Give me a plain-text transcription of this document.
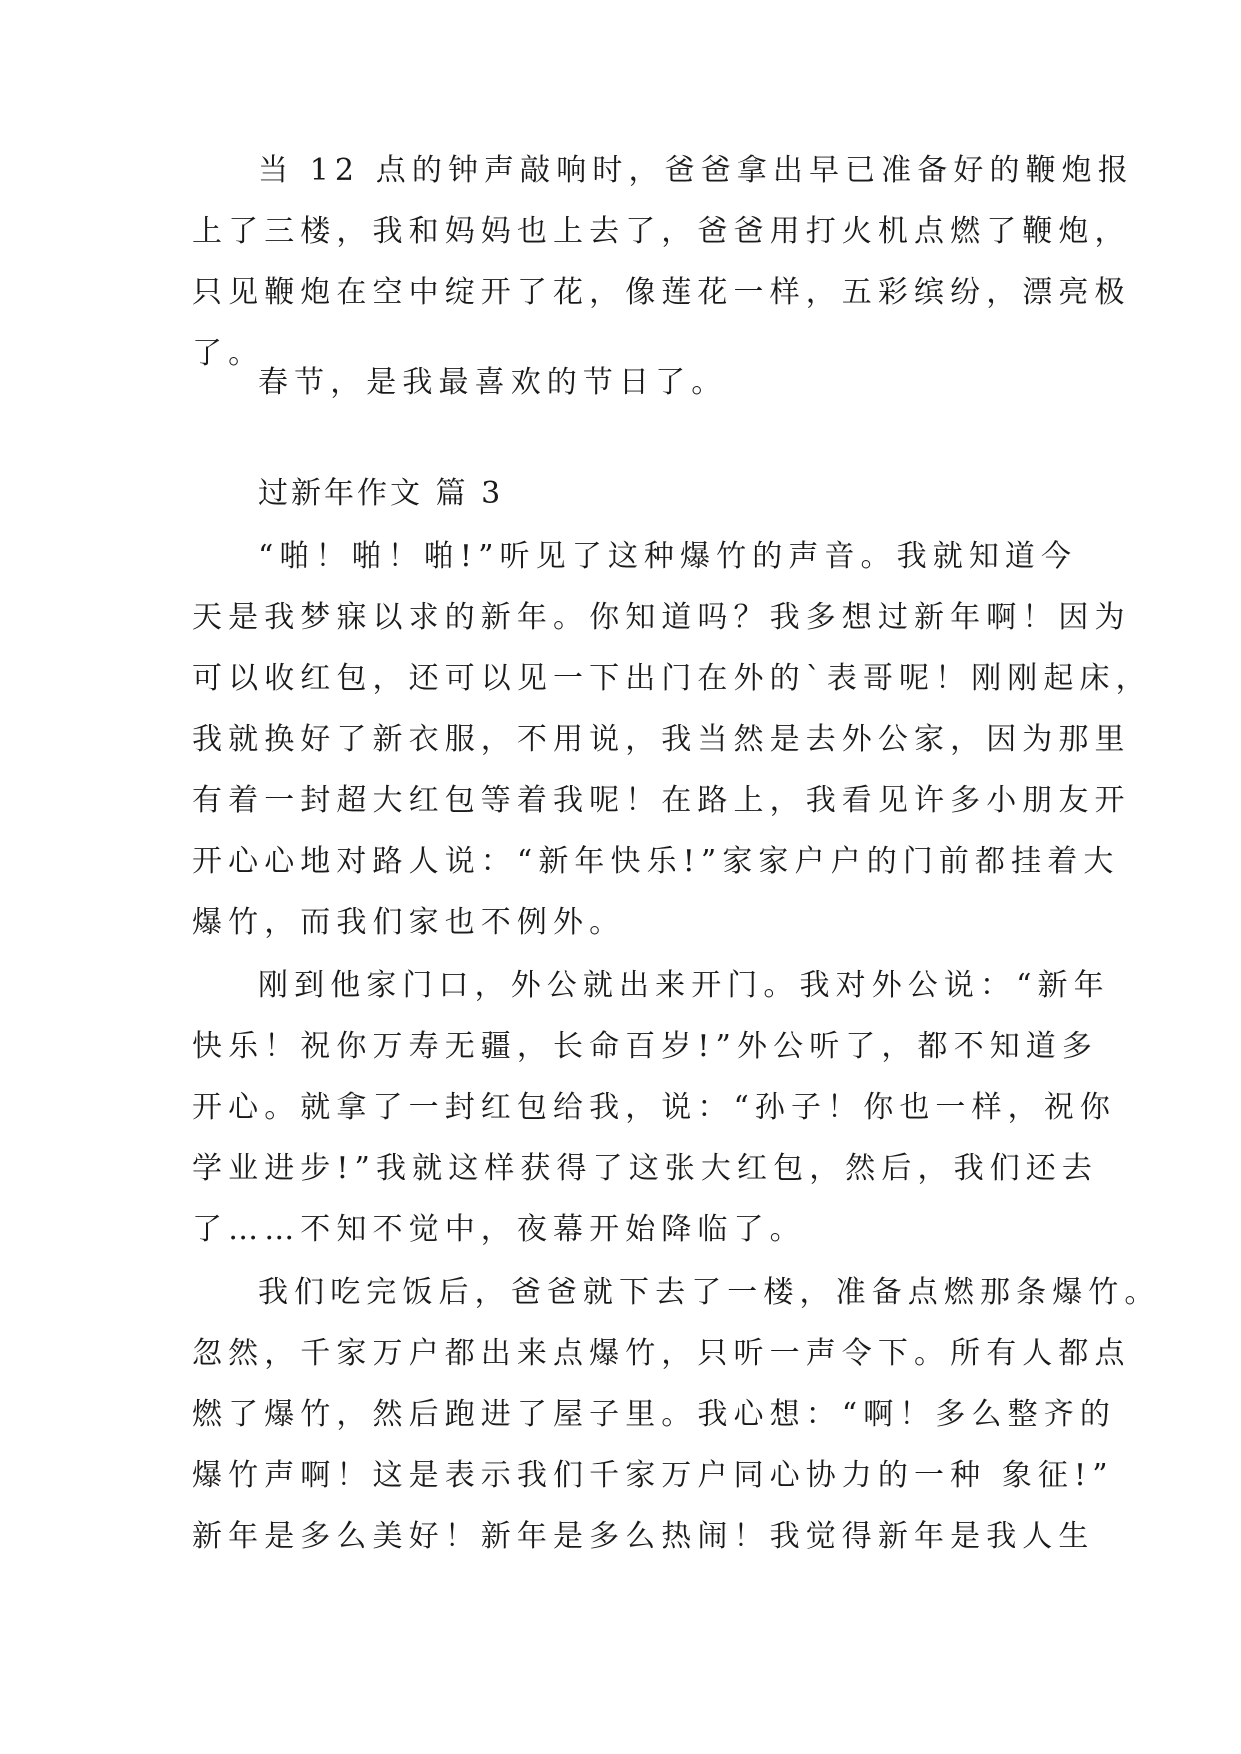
当 12 点的钟声敲响时，爸爸拿出早已准备好的鞭炮报
上了三楼，我和妈妈也上去了，爸爸用打火机点燃了鞭炮，
只见鞭炮在空中绽开了花，像莲花一样，五彩缤纷，漂亮极
了。
春节，是我最喜欢的节日了。
过新年作文 篇 3
“啪！啪！啪!”听见了这种爆竹的声音。我就知道今
天是我梦寐以求的新年。你知道吗？我多想过新年啊！因为
可以收红包，还可以见一下出门在外的`表哥呢！刚刚起床，
我就换好了新衣服，不用说，我当然是去外公家，因为那里
有着一封超大红包等着我呢！在路上，我看见许多小朋友开
开心心地对路人说：“新年快乐!”家家户户的门前都挂着大
爆竹，而我们家也不例外。
刚到他家门口，外公就出来开门。我对外公说：“新年
快乐！祝你万寿无疆，长命百岁!”外公听了，都不知道多
开心。就拿了一封红包给我，说：“孙子！你也一样，祝你
学业进步!”我就这样获得了这张大红包，然后，我们还去
了……不知不觉中，夜幕开始降临了。
我们吃完饭后，爸爸就下去了一楼，准备点燃那条爆竹。
忽然，千家万户都出来点爆竹，只听一声令下。所有人都点
燃了爆竹，然后跑进了屋子里。我心想：“啊！多么整齐的
爆竹声啊！这是表示我们千家万户同心协力的一种 象征!”
新年是多么美好！新年是多么热闹！我觉得新年是我人生
